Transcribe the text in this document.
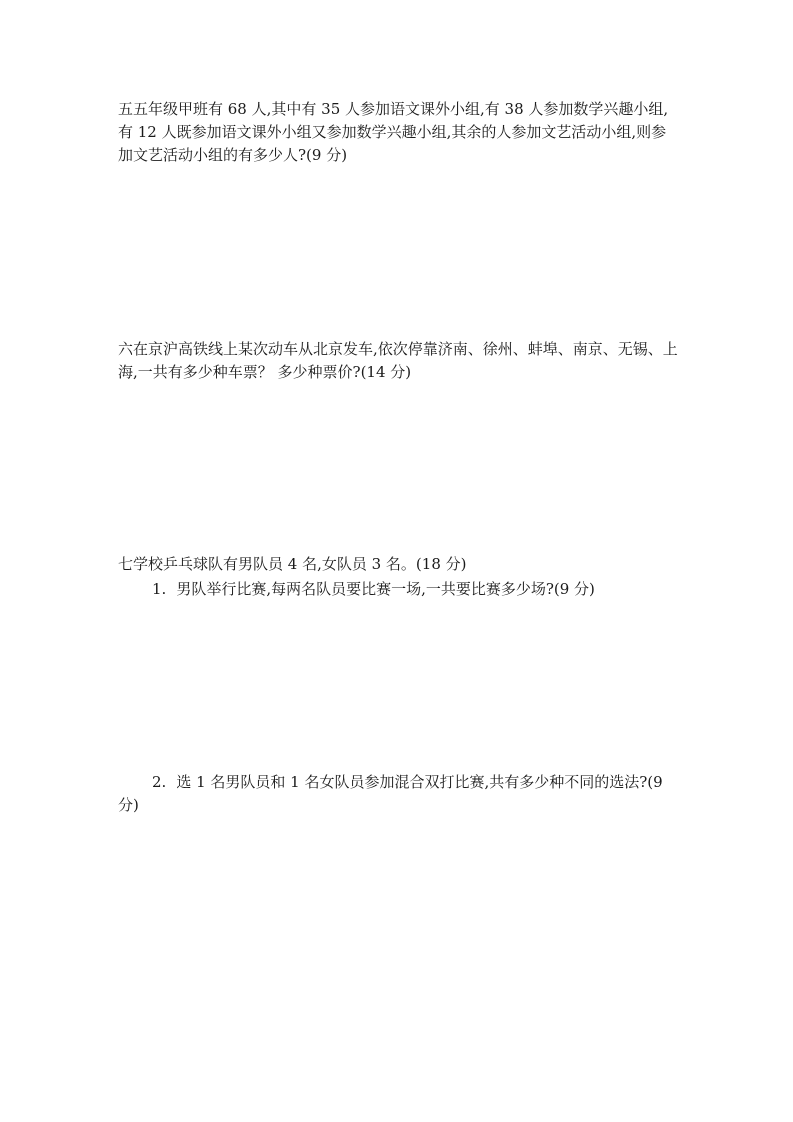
五五年级甲班有 68 人,其中有 35 人参加语文课外小组,有 38 人参加数学兴趣小组,有 12 人既参加语文课外小组又参加数学兴趣小组,其余的人参加文艺活动小组,则参加文艺活动小组的有多少人?(9 分)

六在京沪高铁线上某次动车从北京发车,依次停靠济南、徐州、蚌埠、南京、无锡、上海,一共有多少种车票？ 多少种票价?(14 分)

七学校乒乓球队有男队员 4 名,女队员 3 名。(18 分)

1. 男队举行比赛,每两名队员要比赛一场,一共要比赛多少场?(9 分)

2. 选 1 名男队员和 1 名女队员参加混合双打比赛,共有多少种不同的选法?(9 分)
